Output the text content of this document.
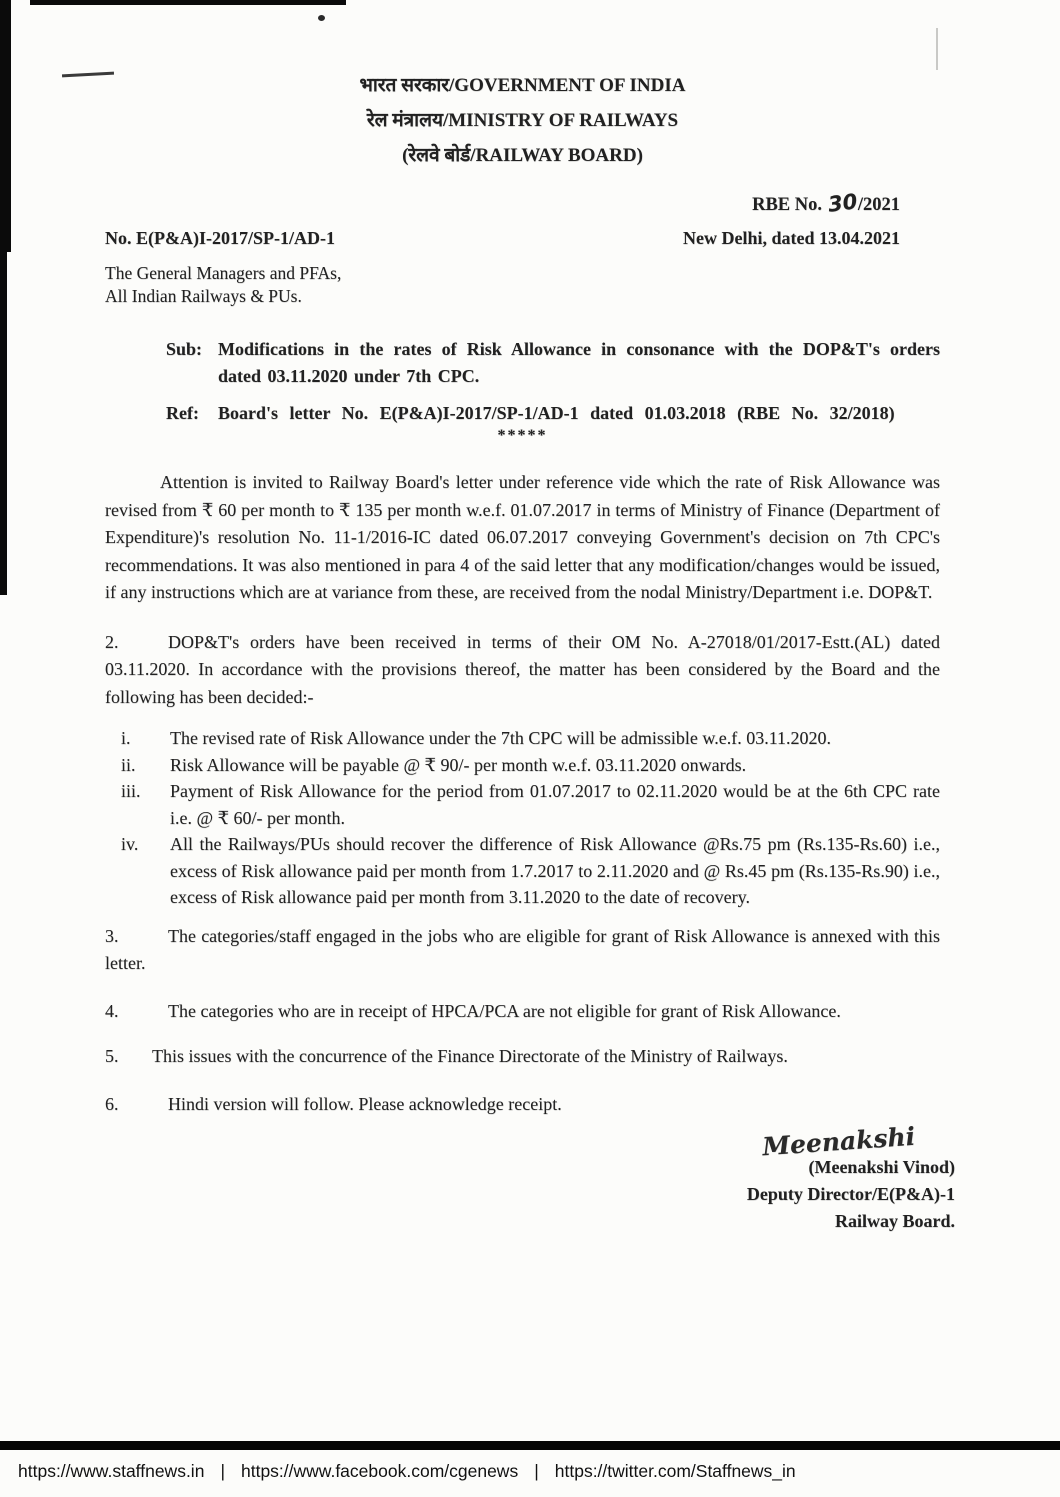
भारत सरकार/GOVERNMENT OF INDIA
रेल मंत्रालय/MINISTRY OF RAILWAYS
(रेलवे बोर्ड/RAILWAY BOARD)
RBE No. 30/2021
No. E(P&A)I-2017/SP-1/AD-1	New Delhi, dated 13.04.2021
The General Managers and PFAs,
All Indian Railways & PUs.
Sub: Modifications in the rates of Risk Allowance in consonance with the DOP&T's orders dated 03.11.2020 under 7th CPC.
Ref:	Board's letter No. E(P&A)I-2017/SP-1/AD-1 dated 01.03.2018 (RBE No. 32/2018)
*****

Attention is invited to Railway Board's letter under reference vide which the rate of Risk Allowance was revised from ₹ 60 per month to ₹ 135 per month w.e.f. 01.07.2017 in terms of Ministry of Finance (Department of Expenditure)'s resolution No. 11-1/2016-IC dated 06.07.2017 conveying Government's decision on 7th CPC's recommendations. It was also mentioned in para 4 of the said letter that any modification/changes would be issued, if any instructions which are at variance from these, are received from the nodal Ministry/Department i.e. DOP&T.

2.	DOP&T's orders have been received in terms of their OM No. A-27018/01/2017-Estt.(AL) dated 03.11.2020. In accordance with the provisions thereof, the matter has been considered by the Board and the following has been decided:-

i.	The revised rate of Risk Allowance under the 7th CPC will be admissible w.e.f. 03.11.2020.
ii.	Risk Allowance will be payable @ ₹ 90/- per month w.e.f. 03.11.2020 onwards.
iii.	Payment of Risk Allowance for the period from 01.07.2017 to 02.11.2020 would be at the 6th CPC rate i.e. @ ₹ 60/- per month.
iv.	All the Railways/PUs should recover the difference of Risk Allowance @Rs.75 pm (Rs.135-Rs.60) i.e., excess of Risk allowance paid per month from 1.7.2017 to 2.11.2020 and @ Rs.45 pm (Rs.135-Rs.90) i.e., excess of Risk allowance paid per month from 3.11.2020 to the date of recovery.

3.	The categories/staff engaged in the jobs who are eligible for grant of Risk Allowance is annexed with this letter.

4.	The categories who are in receipt of HPCA/PCA are not eligible for grant of Risk Allowance.

5. This issues with the concurrence of the Finance Directorate of the Ministry of Railways.

6.	Hindi version will follow. Please acknowledge receipt.

Meenakshi
(Meenakshi Vinod)
Deputy Director/E(P&A)-1
Railway Board.
https://www.staffnews.in | https://www.facebook.com/cgenews | https://twitter.com/Staffnews_in
